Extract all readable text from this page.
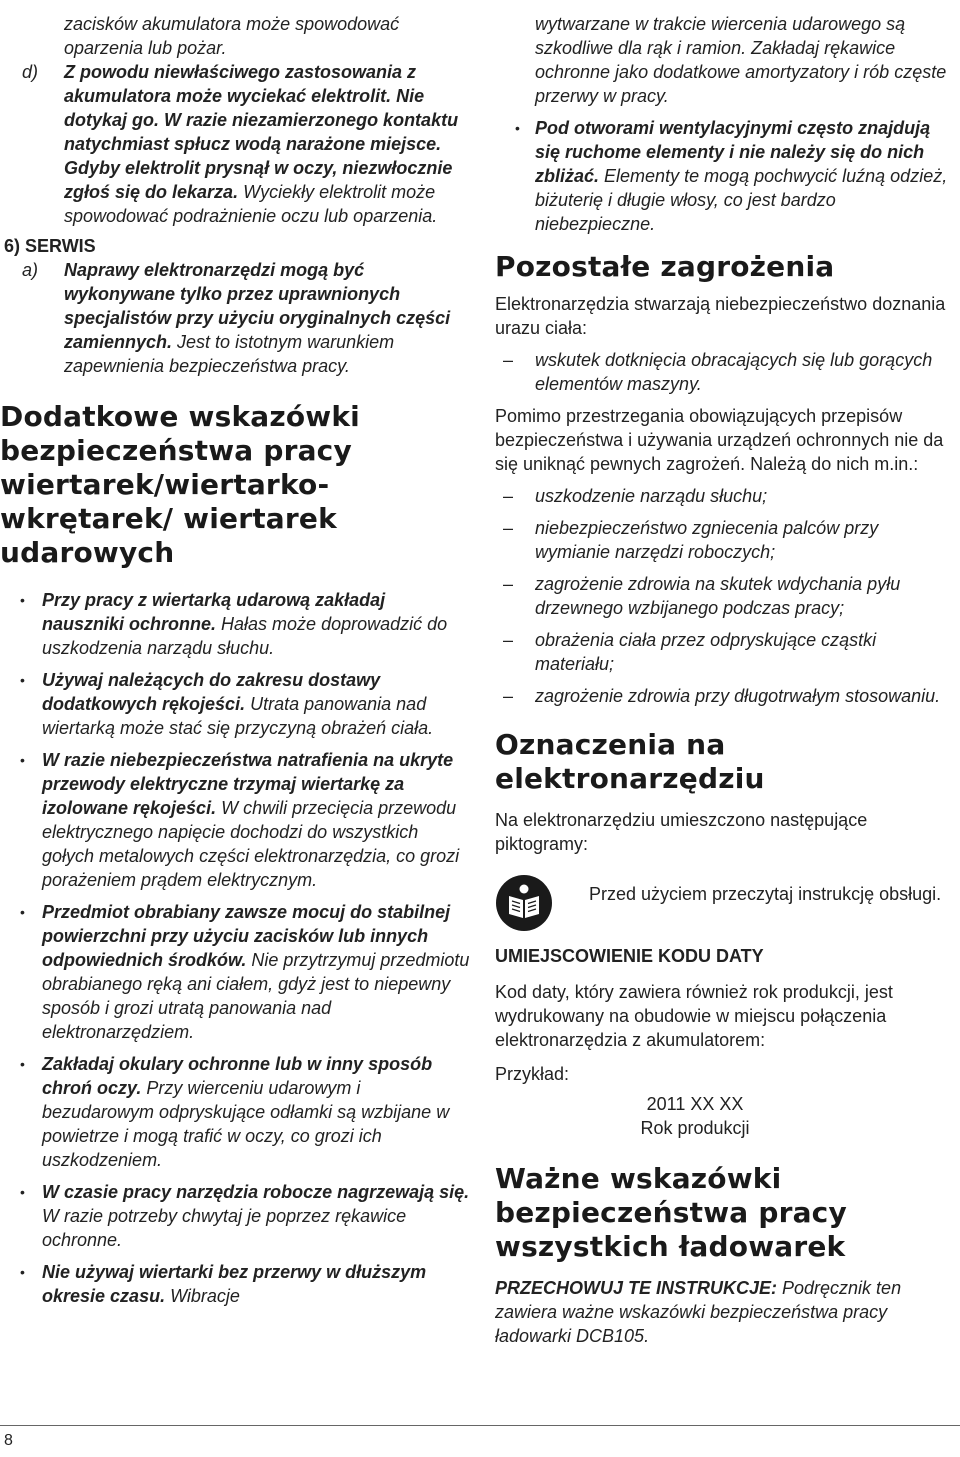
zacisków akumulatora może spowodować
oparzenia lub pożar.
d) Z powodu niewłaściwego zastosowania z akumulatora może wyciekać elektrolit. Nie dotykaj go. W razie niezamierzonego kontaktu natychmiast spłucz wodą narażone miejsce. Gdyby elektrolit prysnął w oczy, niezwłocznie zgłoś się do lekarza. Wyciekły elektrolit może spowodować podrażnienie oczu lub oparzenia.
6) SERWIS
a) Naprawy elektronarzędzi mogą być wykonywane tylko przez uprawnionych specjalistów przy użyciu oryginalnych części zamiennych. Jest to istotnym warunkiem zapewnienia bezpieczeństwa pracy.
Dodatkowe wskazówki bezpieczeństwa pracy wiertarek/wiertarko-wkrętarek/ wiertarek udarowych
• Przy pracy z wiertarką udarową zakładaj nauszniki ochronne. Hałas może doprowadzić do uszkodzenia narządu słuchu.
• Używaj należących do zakresu dostawy dodatkowych rękojeści. Utrata panowania nad wiertarką może stać się przyczyną obrażeń ciała.
• W razie niebezpieczeństwa natrafienia na ukryte przewody elektryczne trzymaj wiertarkę za izolowane rękojeści. W chwili przecięcia przewodu elektrycznego napięcie dochodzi do wszystkich gołych metalowych części elektronarzędzia, co grozi porażeniem prądem elektrycznym.
• Przedmiot obrabiany zawsze mocuj do stabilnej powierzchni przy użyciu zacisków lub innych odpowiednich środków. Nie przytrzymuj przedmiotu obrabianego ręką ani ciałem, gdyż jest to niepewny sposób i grozi utratą panowania nad elektronarzędziem.
• Zakładaj okulary ochronne lub w inny sposób chroń oczy. Przy wierceniu udarowym i bezudarowym odpryskujące odłamki są wzbijane w powietrze i mogą trafić w oczy, co grozi ich uszkodzeniem.
• W czasie pracy narzędzia robocze nagrzewają się. W razie potrzeby chwytaj je poprzez rękawice ochronne.
• Nie używaj wiertarki bez przerwy w dłuższym okresie czasu. Wibracje
wytwarzane w trakcie wiercenia udarowego są szkodliwe dla rąk i ramion. Zakładaj rękawice ochronne jako dodatkowe amortyzatory i rób częste przerwy w pracy.
• Pod otworami wentylacyjnymi często znajdują się ruchome elementy i nie należy się do nich zbliżać. Elementy te mogą pochwycić luźną odzież, biżuterię i długie włosy, co jest bardzo niebezpieczne.
Pozostałe zagrożenia
Elektronarzędzia stwarzają niebezpieczeństwo doznania urazu ciała:
– wskutek dotknięcia obracających się lub gorących elementów maszyny.
Pomimo przestrzegania obowiązujących przepisów bezpieczeństwa i używania urządzeń ochronnych nie da się uniknąć pewnych zagrożeń. Należą do nich m.in.:
– uszkodzenie narządu słuchu;
– niebezpieczeństwo zgniecenia palców przy wymianie narzędzi roboczych;
– zagrożenie zdrowia na skutek wdychania pyłu drzewnego wzbijanego podczas pracy;
– obrażenia ciała przez odpryskujące cząstki materiału;
– zagrożenie zdrowia przy długotrwałym stosowaniu.
Oznaczenia na elektronarzędziu
Na elektronarzędziu umieszczono następujące piktogramy:
Przed użyciem przeczytaj instrukcję obsługi.
UMIEJSCOWIENIE KODU DATY
Kod daty, który zawiera również rok produkcji, jest wydrukowany na obudowie w miejscu połączenia elektronarzędzia z akumulatorem:
Przykład:
2011 XX XX
Rok produkcji
Ważne wskazówki bezpieczeństwa pracy wszystkich ładowarek
PRZECHOWUJ TE INSTRUKCJE: Podręcznik ten zawiera ważne wskazówki bezpieczeństwa pracy ładowarki DCB105.
8
